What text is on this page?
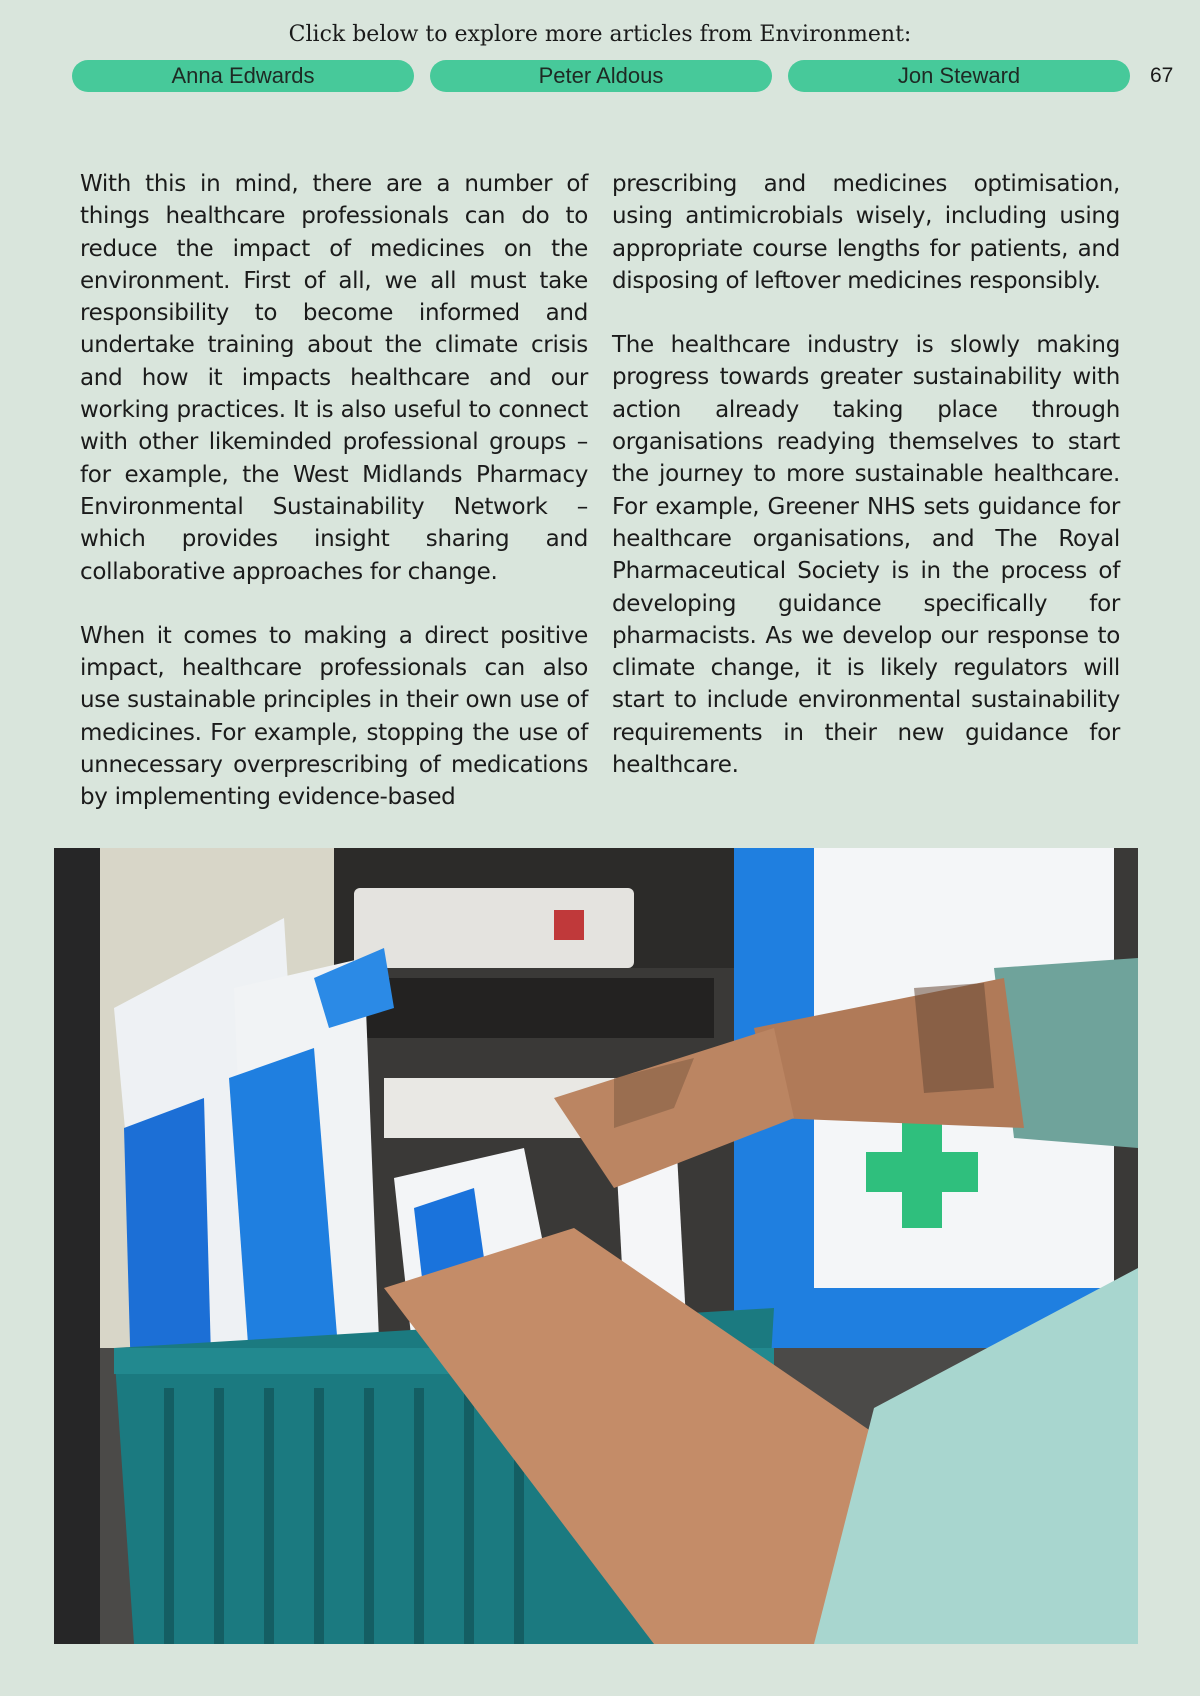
Click below to explore more articles from Environment:
Anna Edwards	Peter Aldous	Jon Steward	67

With this in mind, there are a number of things healthcare professionals can do to reduce the impact of medicines on the environment. First of all, we all must take responsibility to become informed and undertake training about the climate crisis and how it impacts healthcare and our working practices. It is also useful to connect with other likeminded professional groups – for example, the West Midlands Pharmacy Environmental Sustainability Network – which provides insight sharing and collaborative approaches for change.

When it comes to making a direct positive impact, healthcare professionals can also use sustainable principles in their own use of medicines. For example, stopping the use of unnecessary overprescribing of medications by implementing evidence-based

prescribing and medicines optimisation, using antimicrobials wisely, including using appropriate course lengths for patients, and disposing of leftover medicines responsibly.

The healthcare industry is slowly making progress towards greater sustainability with action already taking place through organisations readying themselves to start the journey to more sustainable healthcare. For example, Greener NHS sets guidance for healthcare organisations, and The Royal Pharmaceutical Society is in the process of developing guidance specifically for pharmacists. As we develop our response to climate change, it is likely regulators will start to include environmental sustainability requirements in their new guidance for healthcare.
